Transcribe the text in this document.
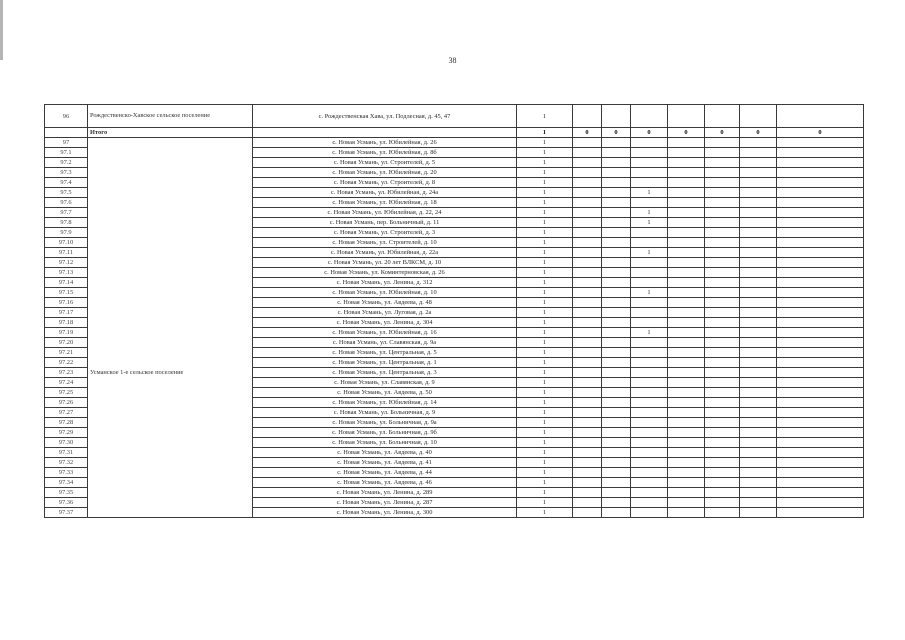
38
96	Рождественско-Хавское сельское поселение	с. Рождественская Хава, ул. Подлесная, д. 45, 47	1								
	Итого		1	0	0	0	0	0	0	0	
97	Усманское 1-е сельское поселение	с. Новая Усмань, ул. Юбилейная, д. 26	1								
97.1		с. Новая Усмань, ул. Юбилейная, д. 8б	1								
97.2		с. Новая Усмань, ул. Строителей, д. 5	1								
97.3		с. Новая Усмань, ул. Юбилейная, д. 20	1								
97.4		с. Новая Усмань, ул. Строителей, д. 8	1								
97.5		с. Новая Усмань, ул. Юбилейная, д. 24а	1			1					
97.6		с. Новая Усмань, ул. Юбилейная, д. 18	1								
97.7		с. Новая Усмань, ул. Юбилейная, д. 22, 24	1			1					
97.8		с. Новая Усмань, пер. Больничный, д. 11	1			1					
97.9		с. Новая Усмань, ул. Строителей, д. 3	1								
97.10		с. Новая Усмань, ул. Строителей, д. 10	1								
97.11		с. Новая Усмань, ул. Юбилейная, д. 22а	1			1					
97.12		с. Новая Усмань, ул. 20 лет ВЛКСМ, д. 10	1								
97.13		с. Новая Усмань, ул. Коминтерновская, д. 26	1								
97.14		с. Новая Усмань, ул. Ленина, д. 312	1								
97.15		с. Новая Усмань, ул. Юбилейная, д. 10	1			1					
97.16		с. Новая Усмань, ул. Авдеева, д. 48	1								
97.17		с. Новая Усмань, ул. Луговая, д. 2а	1								
97.18		с. Новая Усмань, ул. Ленина, д. 304	1								
97.19		с. Новая Усмань, ул. Юбилейная, д. 16	1			1					
97.20		с. Новая Усмань, ул. Славянская, д. 9а	1								
97.21		с. Новая Усмань, ул. Центральная, д. 5	1								
97.22		с. Новая Усмань, ул. Центральная, д. 1	1								
97.23		с. Новая Усмань, ул. Центральная, д. 3	1								
97.24		с. Новая Усмань, ул. Славянская, д. 9	1								
97.25		с. Новая Усмань, ул. Авдеева, д. 50	1								
97.26		с. Новая Усмань, ул. Юбилейная, д. 14	1								
97.27		с. Новая Усмань, ул. Больничная, д. 9	1								
97.28		с. Новая Усмань, ул. Больничная, д. 9а	1								
97.29		с. Новая Усмань, ул. Больничная, д. 9б	1								
97.30		с. Новая Усмань, ул. Больничная, д. 10	1								
97.31		с. Новая Усмань, ул. Авдеева, д. 40	1								
97.32		с. Новая Усмань, ул. Авдеева, д. 41	1								
97.33		с. Новая Усмань, ул. Авдеева, д. 44	1								
97.34		с. Новая Усмань, ул. Авдеева, д. 46	1								
97.35		с. Новая Усмань, ул. Ленина, д. 289	1								
97.36		с. Новая Усмань, ул. Ленина, д. 287	1								
97.37		с. Новая Усмань, ул. Ленина, д. 300	1								
